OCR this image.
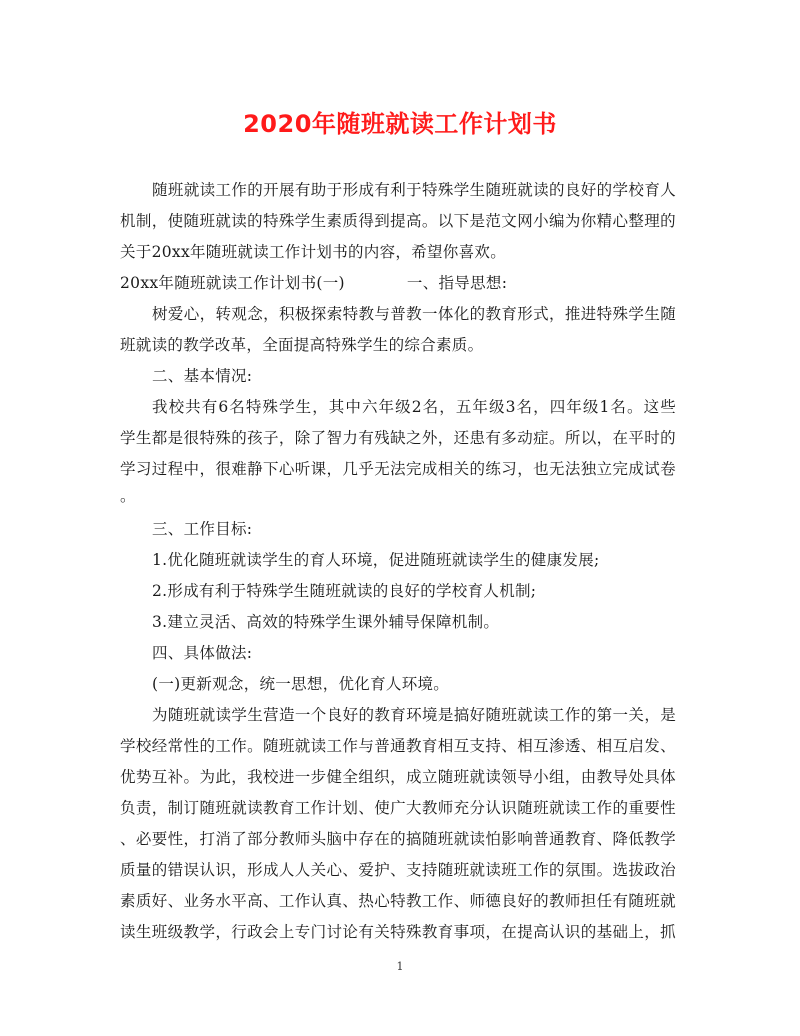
2020年随班就读工作计划书
随班就读工作的开展有助于形成有利于特殊学生随班就读的良好的学校育人
机制，使随班就读的特殊学生素质得到提高。以下是范文网小编为你精心整理的
关于20xx年随班就读工作计划书的内容，希望你喜欢。
20xx年随班就读工作计划书(一)	一、指导思想:
树爱心，转观念，积极探索特教与普教一体化的教育形式，推进特殊学生随
班就读的教学改革，全面提高特殊学生的综合素质。
二、基本情况:
我校共有6名特殊学生，其中六年级2名，五年级3名，四年级1名。这些
学生都是很特殊的孩子，除了智力有残缺之外，还患有多动症。所以，在平时的
学习过程中，很难静下心听课，几乎无法完成相关的练习，也无法独立完成试卷
。
三、工作目标:
1.优化随班就读学生的育人环境，促进随班就读学生的健康发展;
2.形成有利于特殊学生随班就读的良好的学校育人机制;
3.建立灵活、高效的特殊学生课外辅导保障机制。
四、具体做法:
(一)更新观念，统一思想，优化育人环境。
为随班就读学生营造一个良好的教育环境是搞好随班就读工作的第一关，是
学校经常性的工作。随班就读工作与普通教育相互支持、相互渗透、相互启发、
优势互补。为此，我校进一步健全组织，成立随班就读领导小组，由教导处具体
负责，制订随班就读教育工作计划、使广大教师充分认识随班就读工作的重要性
、必要性，打消了部分教师头脑中存在的搞随班就读怕影响普通教育、降低教学
质量的错误认识，形成人人关心、爱护、支持随班就读班工作的氛围。选拔政治
素质好、业务水平高、工作认真、热心特教工作、师德良好的教师担任有随班就
读生班级教学，行政会上专门讨论有关特殊教育事项，在提高认识的基础上，抓
1
